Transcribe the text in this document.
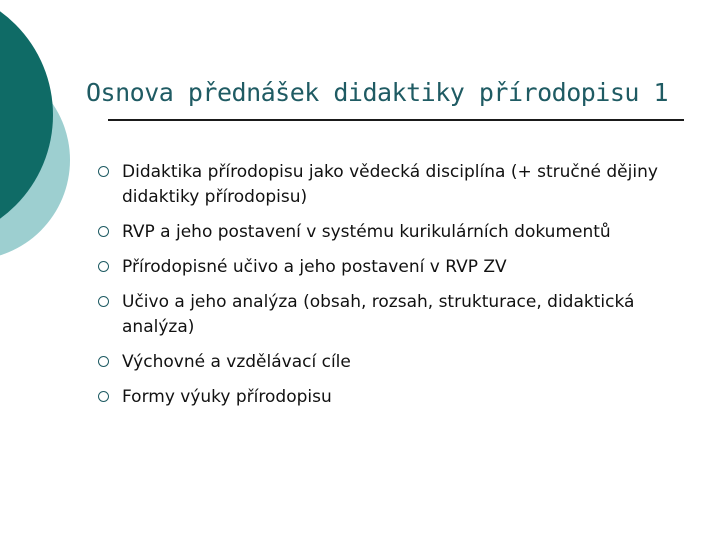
Osnova přednášek didaktiky přírodopisu 1
Didaktika přírodopisu jako vědecká disciplína (+ stručné dějiny didaktiky přírodopisu)
RVP a jeho postavení v systému kurikulárních dokumentů
Přírodopisné učivo a jeho postavení v RVP ZV
Učivo a jeho analýza (obsah, rozsah, strukturace, didaktická analýza)
Výchovné a vzdělávací cíle
Formy výuky přírodopisu
